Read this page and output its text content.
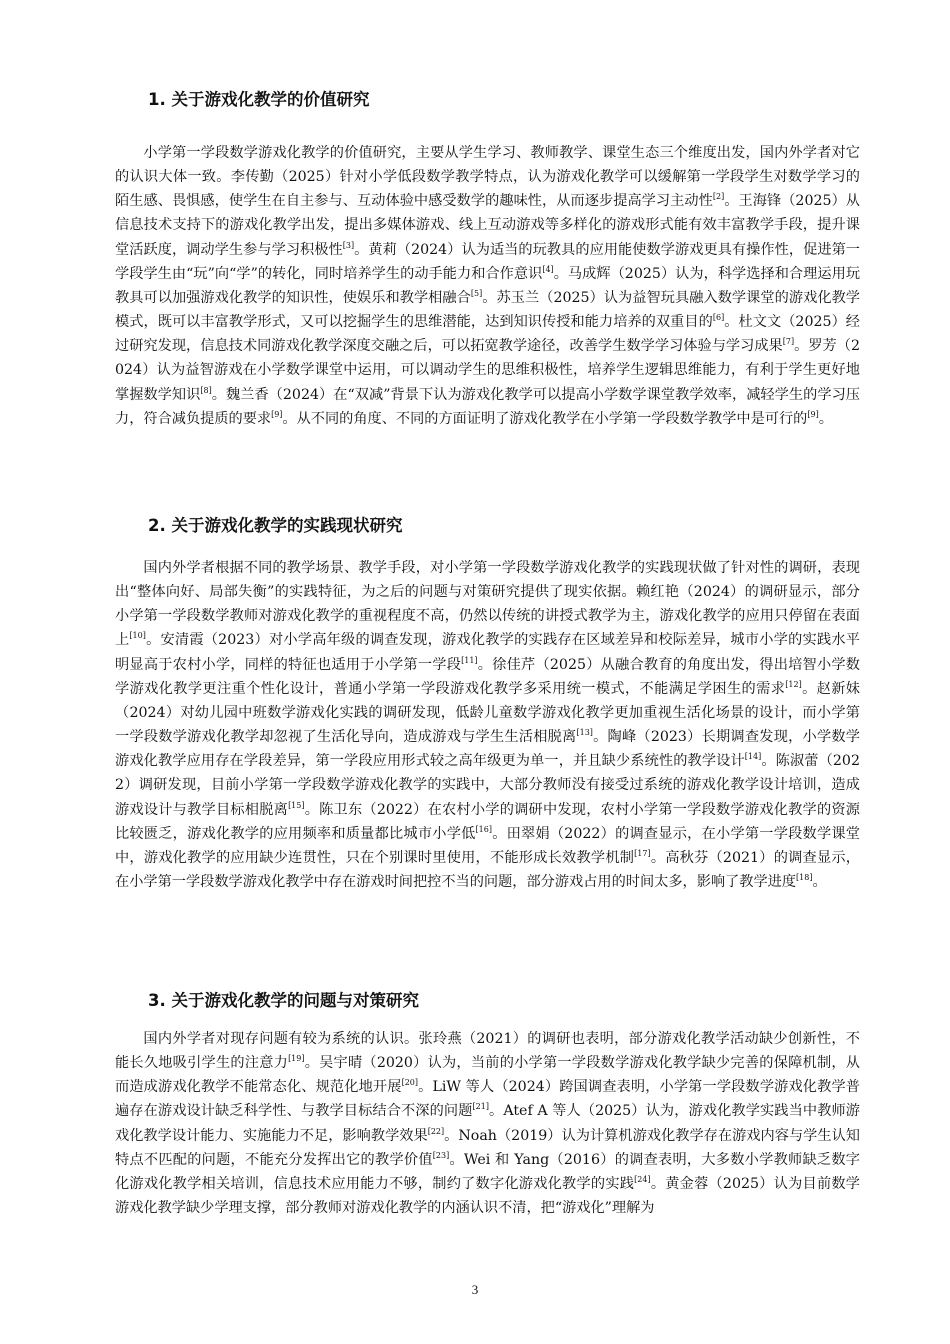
1. 关于游戏化教学的价值研究

小学第一学段数学游戏化教学的价值研究，主要从学生学习、教师教学、课堂生态三个维度出发，国内外学者对它的认识大体一致。李传勤（2025）针对小学低段数学教学特点，认为游戏化教学可以缓解第一学段学生对数学学习的陌生感、畏惧感，使学生在自主参与、互动体验中感受数学的趣味性，从而逐步提高学习主动性[2]。王海锋（2025）从信息技术支持下的游戏化教学出发，提出多媒体游戏、线上互动游戏等多样化的游戏形式能有效丰富教学手段，提升课堂活跃度，调动学生参与学习积极性[3]。黄莉（2024）认为适当的玩教具的应用能使数学游戏更具有操作性，促进第一学段学生由“玩”向“学”的转化，同时培养学生的动手能力和合作意识[4]。马成辉（2025）认为，科学选择和合理运用玩教具可以加强游戏化教学的知识性，使娱乐和教学相融合[5]。苏玉兰（2025）认为益智玩具融入数学课堂的游戏化教学模式，既可以丰富教学形式，又可以挖掘学生的思维潜能，达到知识传授和能力培养的双重目的[6]。杜文文（2025）经过研究发现，信息技术同游戏化教学深度交融之后，可以拓宽教学途径，改善学生数学学习体验与学习成果[7]。罗芳（2024）认为益智游戏在小学数学课堂中运用，可以调动学生的思维积极性，培养学生逻辑思维能力，有利于学生更好地掌握数学知识[8]。魏兰香（2024）在“双减”背景下认为游戏化教学可以提高小学数学课堂教学效率，减轻学生的学习压力，符合减负提质的要求[9]。从不同的角度、不同的方面证明了游戏化教学在小学第一学段数学教学中是可行的[9]。

2. 关于游戏化教学的实践现状研究

国内外学者根据不同的教学场景、教学手段，对小学第一学段数学游戏化教学的实践现状做了针对性的调研，表现出“整体向好、局部失衡”的实践特征，为之后的问题与对策研究提供了现实依据。赖红艳（2024）的调研显示，部分小学第一学段数学教师对游戏化教学的重视程度不高，仍然以传统的讲授式教学为主，游戏化教学的应用只停留在表面上[10]。安清霞（2023）对小学高年级的调查发现，游戏化教学的实践存在区域差异和校际差异，城市小学的实践水平明显高于农村小学，同样的特征也适用于小学第一学段[11]。徐佳芹（2025）从融合教育的角度出发，得出培智小学数学游戏化教学更注重个性化设计，普通小学第一学段游戏化教学多采用统一模式，不能满足学困生的需求[12]。赵新妹（2024）对幼儿园中班数学游戏化实践的调研发现，低龄儿童数学游戏化教学更加重视生活化场景的设计，而小学第一学段数学游戏化教学却忽视了生活化导向，造成游戏与学生生活相脱离[13]。陶峰（2023）长期调查发现，小学数学游戏化教学应用存在学段差异，第一学段应用形式较之高年级更为单一，并且缺少系统性的教学设计[14]。陈淑蕾（2022）调研发现，目前小学第一学段数学游戏化教学的实践中，大部分教师没有接受过系统的游戏化教学设计培训，造成游戏设计与教学目标相脱离[15]。陈卫东（2022）在农村小学的调研中发现，农村小学第一学段数学游戏化教学的资源比较匮乏，游戏化教学的应用频率和质量都比城市小学低[16]。田翠娟（2022）的调查显示，在小学第一学段数学课堂中，游戏化教学的应用缺少连贯性，只在个别课时里使用，不能形成长效教学机制[17]。高秋芬（2021）的调查显示，在小学第一学段数学游戏化教学中存在游戏时间把控不当的问题，部分游戏占用的时间太多，影响了教学进度[18]。

3. 关于游戏化教学的问题与对策研究

国内外学者对现存问题有较为系统的认识。张玲燕（2021）的调研也表明，部分游戏化教学活动缺少创新性，不能长久地吸引学生的注意力[19]。吴宇晴（2020）认为，当前的小学第一学段数学游戏化教学缺少完善的保障机制，从而造成游戏化教学不能常态化、规范化地开展[20]。LiW 等人（2024）跨国调查表明，小学第一学段数学游戏化教学普遍存在游戏设计缺乏科学性、与教学目标结合不深的问题[21]。Atef A 等人（2025）认为，游戏化教学实践当中教师游戏化教学设计能力、实施能力不足，影响教学效果[22]。Noah（2019）认为计算机游戏化教学存在游戏内容与学生认知特点不匹配的问题，不能充分发挥出它的教学价值[23]。Wei 和 Yang（2016）的调查表明，大多数小学教师缺乏数字化游戏化教学相关培训，信息技术应用能力不够，制约了数字化游戏化教学的实践[24]。黄金蓉（2025）认为目前数学游戏化教学缺少学理支撑，部分教师对游戏化教学的内涵认识不清，把“游戏化”理解为

3
